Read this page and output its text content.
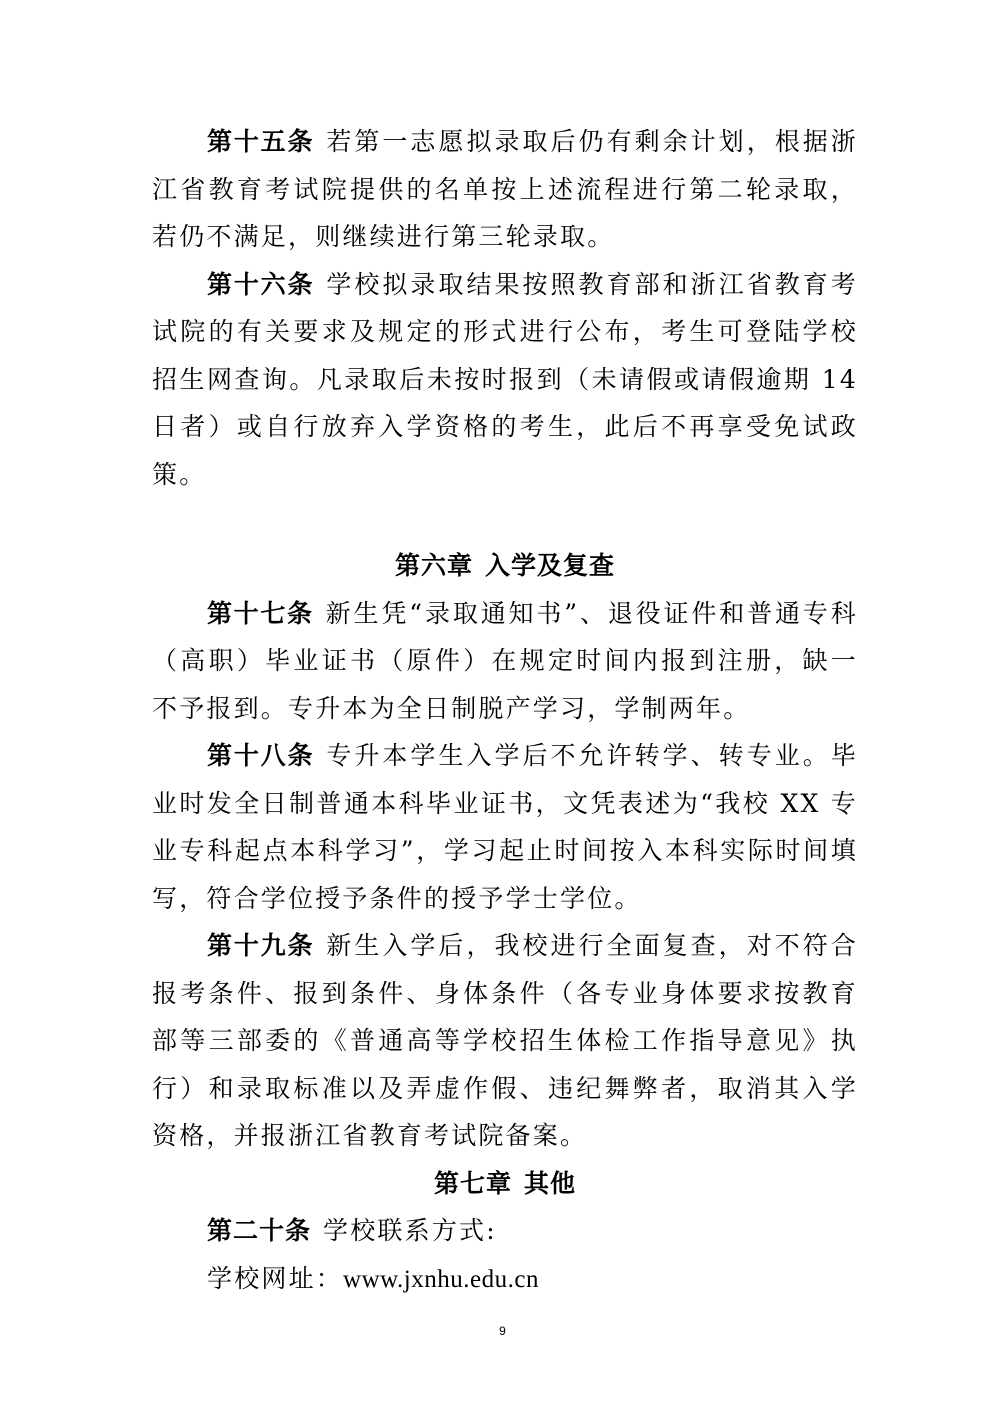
第十五条 若第一志愿拟录取后仍有剩余计划，根据浙江省教育考试院提供的名单按上述流程进行第二轮录取，若仍不满足，则继续进行第三轮录取。

第十六条 学校拟录取结果按照教育部和浙江省教育考试院的有关要求及规定的形式进行公布，考生可登陆学校招生网查询。凡录取后未按时报到（未请假或请假逾期 14 日者）或自行放弃入学资格的考生，此后不再享受免试政策。

第六章 入学及复查

第十七条 新生凭“录取通知书”、退役证件和普通专科（高职）毕业证书（原件）在规定时间内报到注册，缺一不予报到。专升本为全日制脱产学习，学制两年。

第十八条 专升本学生入学后不允许转学、转专业。毕业时发全日制普通本科毕业证书，文凭表述为“我校 XX 专业专科起点本科学习”，学习起止时间按入本科实际时间填写，符合学位授予条件的授予学士学位。

第十九条 新生入学后，我校进行全面复查，对不符合报考条件、报到条件、身体条件（各专业身体要求按教育部等三部委的《普通高等学校招生体检工作指导意见》执行）和录取标准以及弄虚作假、违纪舞弊者，取消其入学资格，并报浙江省教育考试院备案。

第七章 其他

第二十条 学校联系方式:

学校网址：www.jxnhu.edu.cn

9
